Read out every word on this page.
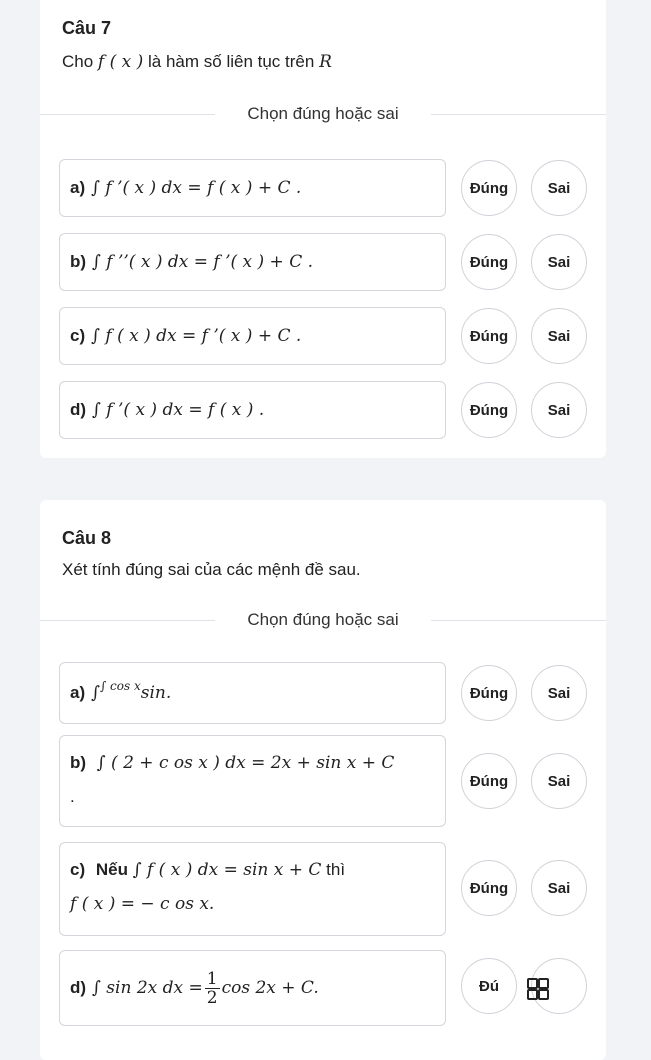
Câu 7
Cho f ( x ) là hàm số liên tục trên R
Chọn đúng hoặc sai
a) ∫ f ’( x ) dx = f ( x ) + C .	Đúng	Sai
b) ∫ f ’’( x ) dx = f ’( x ) + C .	Đúng	Sai
c) ∫ f ( x ) dx = f ’( x ) + C .	Đúng	Sai
d) ∫ f ’( x ) dx = f ( x ) .	Đúng	Sai
Câu 8
Xét tính đúng sai của các mệnh đề sau.
Chọn đúng hoặc sai
a) ∫$^{\int cos x}$ sin.	Đúng	Sai
b) ∫ ( 2 + c os x ) dx = 2x + sin x + C
.
Đúng	Sai
c) Nếu ∫ f ( x ) dx = sin x + C thì
f ( x ) = − c os x.
Đúng	Sai
d) ∫ sin 2x dx = $\frac{1}{2}$ cos 2x + C.	Đú
